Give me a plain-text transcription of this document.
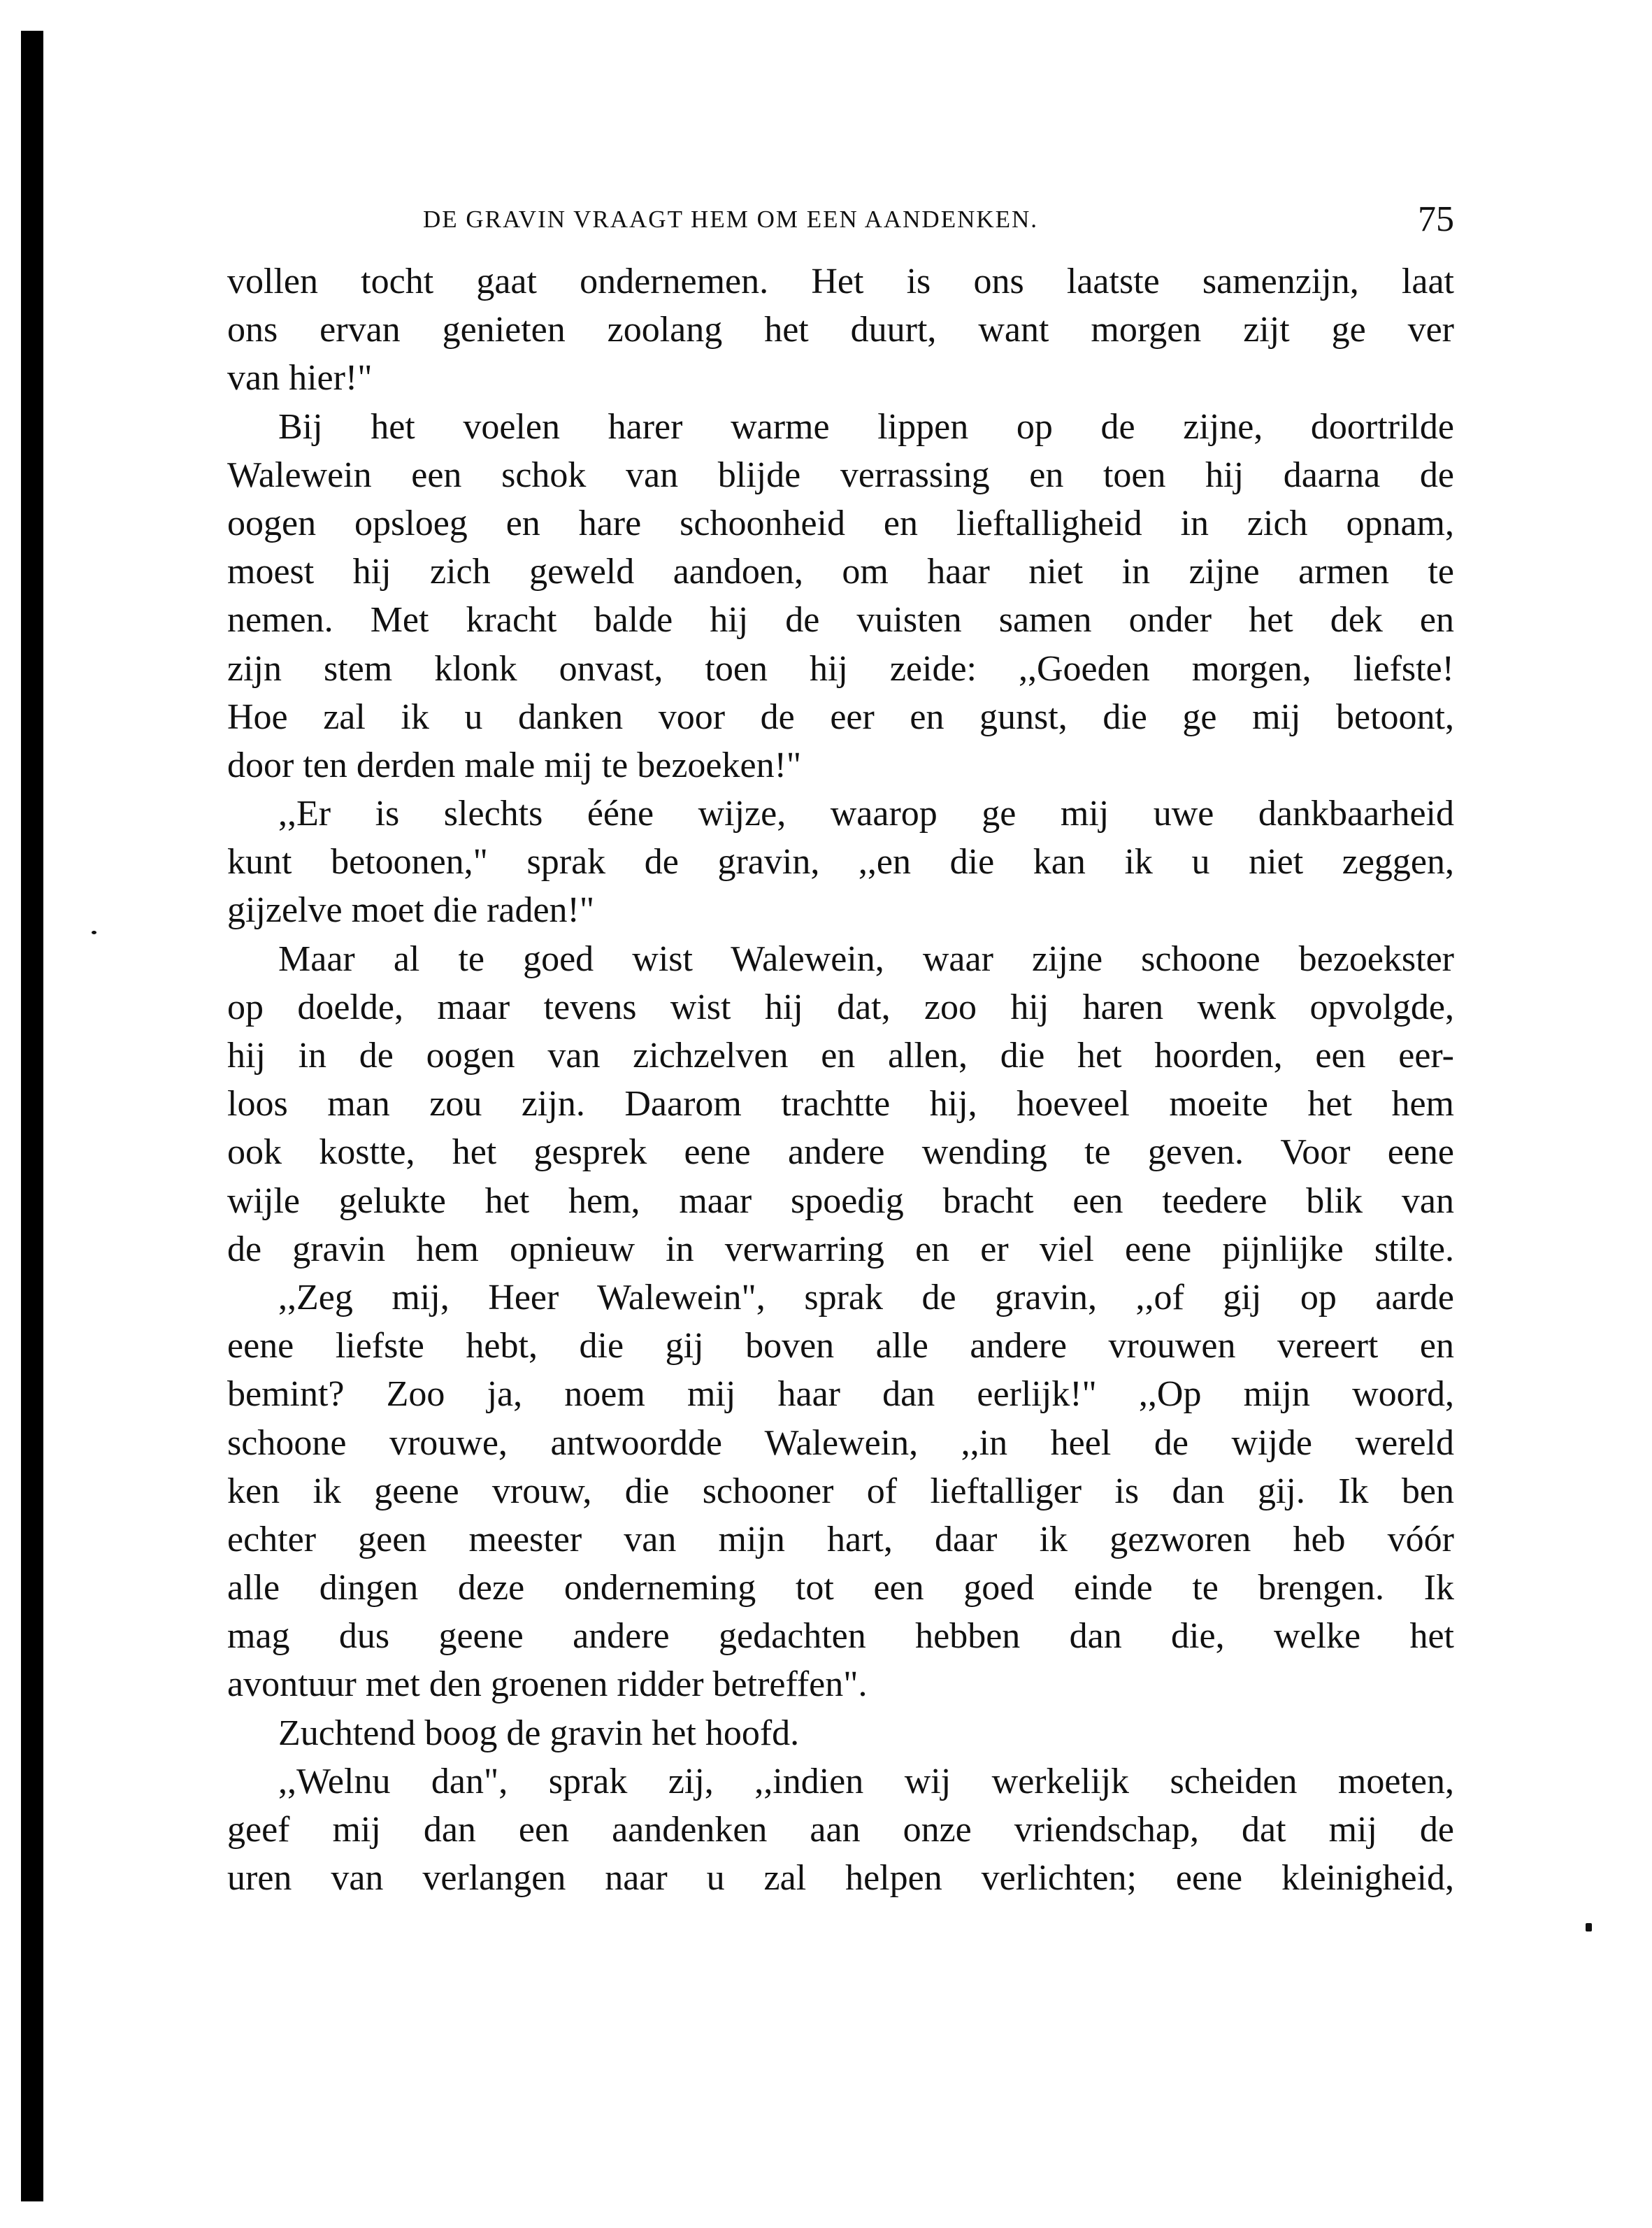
DE GRAVIN VRAAGT HEM OM EEN AANDENKEN.	75
vollen tocht gaat ondernemen. Het is ons laatste samenzijn, laat
ons ervan genieten zoolang het duurt, want morgen zijt ge ver
van hier!"
Bij het voelen harer warme lippen op de zijne, doortrilde
Walewein een schok van blijde verrassing en toen hij daarna de
oogen opsloeg en hare schoonheid en lieftalligheid in zich opnam,
moest hij zich geweld aandoen, om haar niet in zijne armen te
nemen. Met kracht balde hij de vuisten samen onder het dek en
zijn stem klonk onvast, toen hij zeide: ,,Goeden morgen, liefste!
Hoe zal ik u danken voor de eer en gunst, die ge mij betoont,
door ten derden male mij te bezoeken!"
,,Er is slechts ééne wijze, waarop ge mij uwe dankbaarheid
kunt betoonen," sprak de gravin, ,,en die kan ik u niet zeggen,
gijzelve moet die raden!"
Maar al te goed wist Walewein, waar zijne schoone bezoekster
op doelde, maar tevens wist hij dat, zoo hij haren wenk opvolgde,
hij in de oogen van zichzelven en allen, die het hoorden, een eer-
loos man zou zijn. Daarom trachtte hij, hoeveel moeite het hem
ook kostte, het gesprek eene andere wending te geven. Voor eene
wijle gelukte het hem, maar spoedig bracht een teedere blik van
de gravin hem opnieuw in verwarring en er viel eene pijnlijke stilte.
,,Zeg mij, Heer Walewein", sprak de gravin, ,,of gij op aarde
eene liefste hebt, die gij boven alle andere vrouwen vereert en
bemint? Zoo ja, noem mij haar dan eerlijk!" ,,Op mijn woord,
schoone vrouwe, antwoordde Walewein, ,,in heel de wijde wereld
ken ik geene vrouw, die schooner of lieftalliger is dan gij. Ik ben
echter geen meester van mijn hart, daar ik gezworen heb vóór
alle dingen deze onderneming tot een goed einde te brengen. Ik
mag dus geene andere gedachten hebben dan die, welke het
avontuur met den groenen ridder betreffen".
Zuchtend boog de gravin het hoofd.
,,Welnu dan", sprak zij, ,,indien wij werkelijk scheiden moeten,
geef mij dan een aandenken aan onze vriendschap, dat mij de
uren van verlangen naar u zal helpen verlichten; eene kleinigheid,
